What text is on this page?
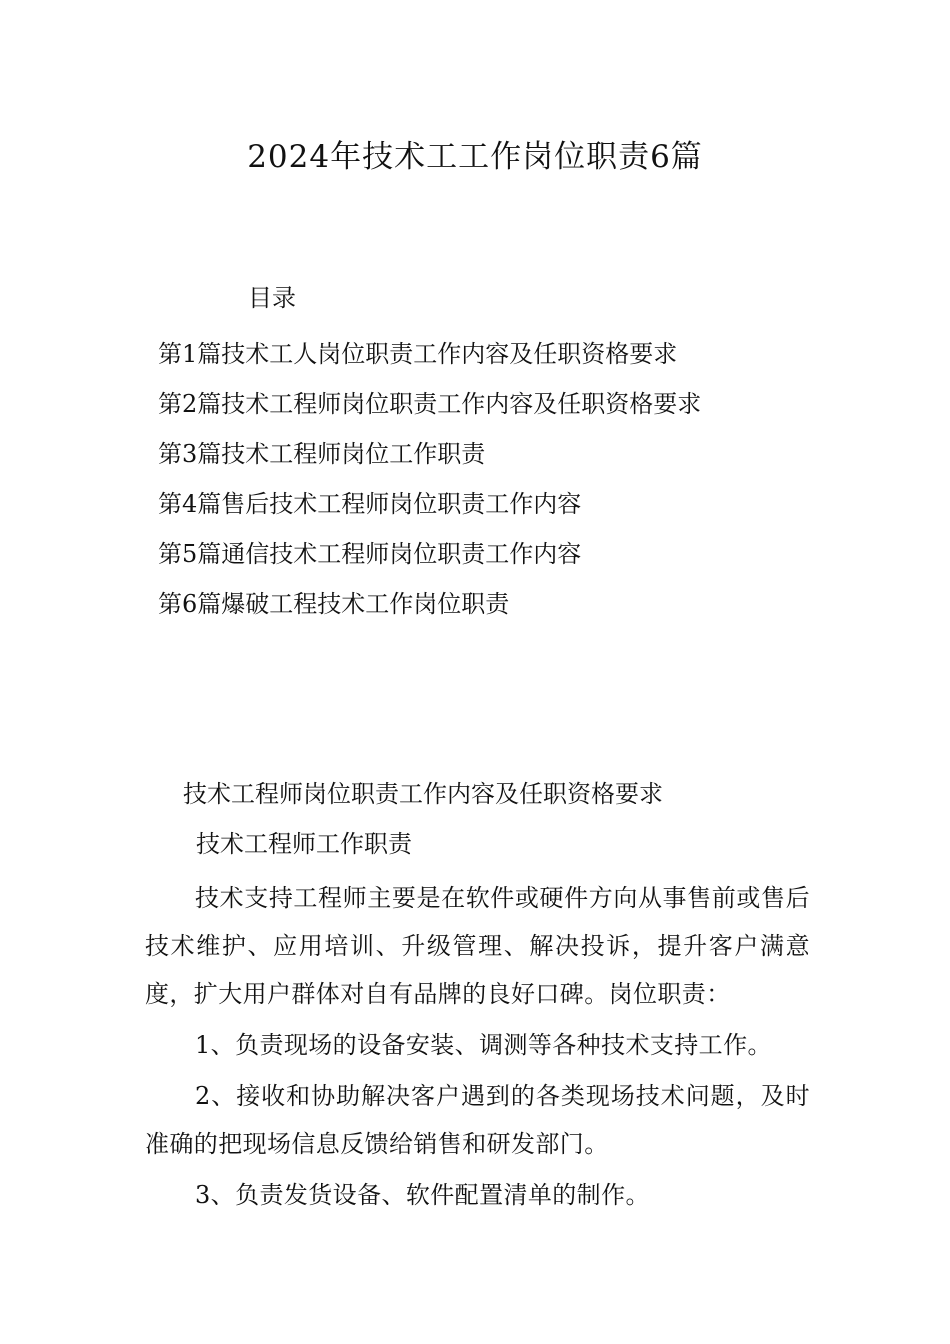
2024年技术工工作岗位职责6篇
目录
第1篇技术工人岗位职责工作内容及任职资格要求
第2篇技术工程师岗位职责工作内容及任职资格要求
第3篇技术工程师岗位工作职责
第4篇售后技术工程师岗位职责工作内容
第5篇通信技术工程师岗位职责工作内容
第6篇爆破工程技术工作岗位职责
技术工程师岗位职责工作内容及任职资格要求
技术工程师工作职责

技术支持工程师主要是在软件或硬件方向从事售前或售后技术维护、应用培训、升级管理、解决投诉，提升客户满意度，扩大用户群体对自有品牌的良好口碑。岗位职责：

1、负责现场的设备安装、调测等各种技术支持工作。

2、接收和协助解决客户遇到的各类现场技术问题，及时准确的把现场信息反馈给销售和研发部门。

3、负责发货设备、软件配置清单的制作。
